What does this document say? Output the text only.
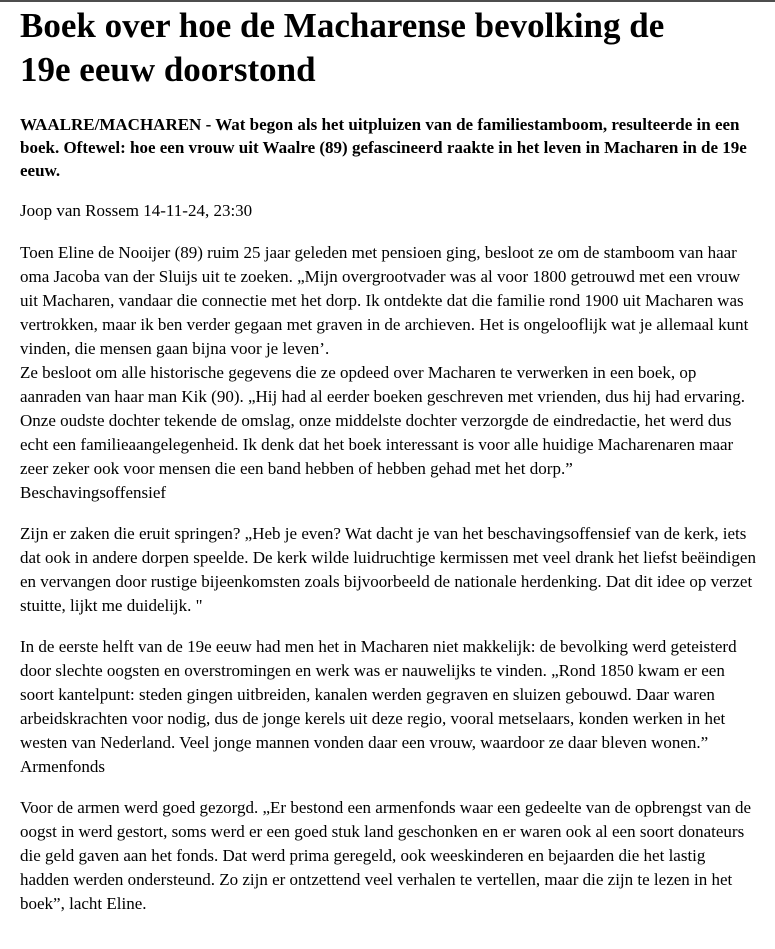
Boek over hoe de Macharense bevolking de
19e eeuw doorstond

WAALRE/MACHAREN - Wat begon als het uitpluizen van de familiestamboom, resulteerde in een boek. Oftewel: hoe een vrouw uit Waalre (89) gefascineerd raakte in het leven in Macharen in de 19e eeuw.

Joop van Rossem 14-11-24, 23:30

Toen Eline de Nooijer (89) ruim 25 jaar geleden met pensioen ging, besloot ze om de stamboom van haar oma Jacoba van der Sluijs uit te zoeken. „Mijn overgrootvader was al voor 1800 getrouwd met een vrouw uit Macharen, vandaar die connectie met het dorp. Ik ontdekte dat die familie rond 1900 uit Macharen was vertrokken, maar ik ben verder gegaan met graven in de archieven. Het is ongelooflijk wat je allemaal kunt vinden, die mensen gaan bijna voor je leven’.
Ze besloot om alle historische gegevens die ze opdeed over Macharen te verwerken in een boek, op aanraden van haar man Kik (90). „Hij had al eerder boeken geschreven met vrienden, dus hij had ervaring. Onze oudste dochter tekende de omslag, onze middelste dochter verzorgde de eindredactie, het werd dus echt een familieaangelegenheid. Ik denk dat het boek interessant is voor alle huidige Macharenaren maar zeer zeker ook voor mensen die een band hebben of hebben gehad met het dorp.”
Beschavingsoffensief
Zijn er zaken die eruit springen? „Heb je even? Wat dacht je van het beschavingsoffensief van de kerk, iets dat ook in andere dorpen speelde. De kerk wilde luidruchtige kermissen met veel drank het liefst beëindigen en vervangen door rustige bijeenkomsten zoals bijvoorbeeld de nationale herdenking. Dat dit idee op verzet stuitte, lijkt me duidelijk. "
In de eerste helft van de 19e eeuw had men het in Macharen niet makkelijk: de bevolking werd geteisterd door slechte oogsten en overstromingen en werk was er nauwelijks te vinden. „Rond 1850 kwam er een soort kantelpunt: steden gingen uitbreiden, kanalen werden gegraven en sluizen gebouwd. Daar waren arbeidskrachten voor nodig, dus de jonge kerels uit deze regio, vooral metselaars, konden werken in het westen van Nederland. Veel jonge mannen vonden daar een vrouw, waardoor ze daar bleven wonen.”
Armenfonds
Voor de armen werd goed gezorgd. „Er bestond een armenfonds waar een gedeelte van de opbrengst van de oogst in werd gestort, soms werd er een goed stuk land geschonken en er waren ook al een soort donateurs die geld gaven aan het fonds. Dat werd prima geregeld, ook weeskinderen en bejaarden die het lastig hadden werden ondersteund. Zo zijn er ontzettend veel verhalen te vertellen, maar die zijn te lezen in het boek”, lacht Eline.
